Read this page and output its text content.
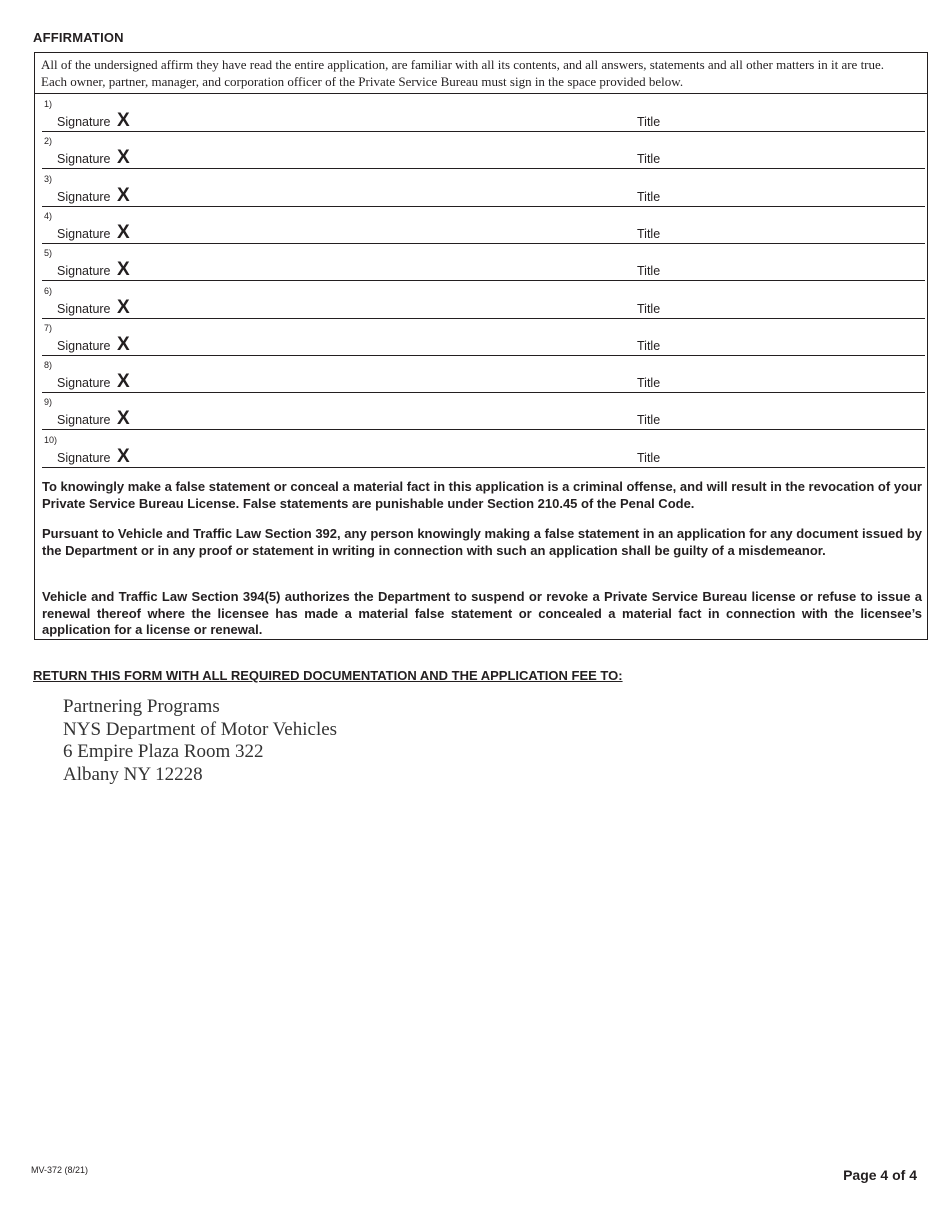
AFFIRMATION
All of the undersigned affirm they have read the entire application, are familiar with all its contents, and all answers, statements and all other matters in it are true.
Each owner, partner, manager, and corporation officer of the Private Service Bureau must sign in the space provided below.
1)
Signature X	Title
2)
Signature X	Title
3)
Signature X	Title
4)
Signature X	Title
5)
Signature X	Title
6)
Signature X	Title
7)
Signature X	Title
8)
Signature X	Title
9)
Signature X	Title
10)
Signature X	Title
To knowingly make a false statement or conceal a material fact in this application is a criminal offense, and will result in the revocation of your Private Service Bureau License. False statements are punishable under Section 210.45 of the Penal Code.
Pursuant to Vehicle and Traffic Law Section 392, any person knowingly making a false statement in an application for any document issued by the Department or in any proof or statement in writing in connection with such an application shall be guilty of a misdemeanor.
Vehicle and Traffic Law Section 394(5) authorizes the Department to suspend or revoke a Private Service Bureau license or refuse to issue a renewal thereof where the licensee has made a material false statement or concealed a material fact in connection with the licensee’s application for a license or renewal.
RETURN THIS FORM WITH ALL REQUIRED DOCUMENTATION AND THE APPLICATION FEE TO:
Partnering Programs
NYS Department of Motor Vehicles
6 Empire Plaza Room 322
Albany NY 12228
MV-372 (8/21)	Page 4 of 4
